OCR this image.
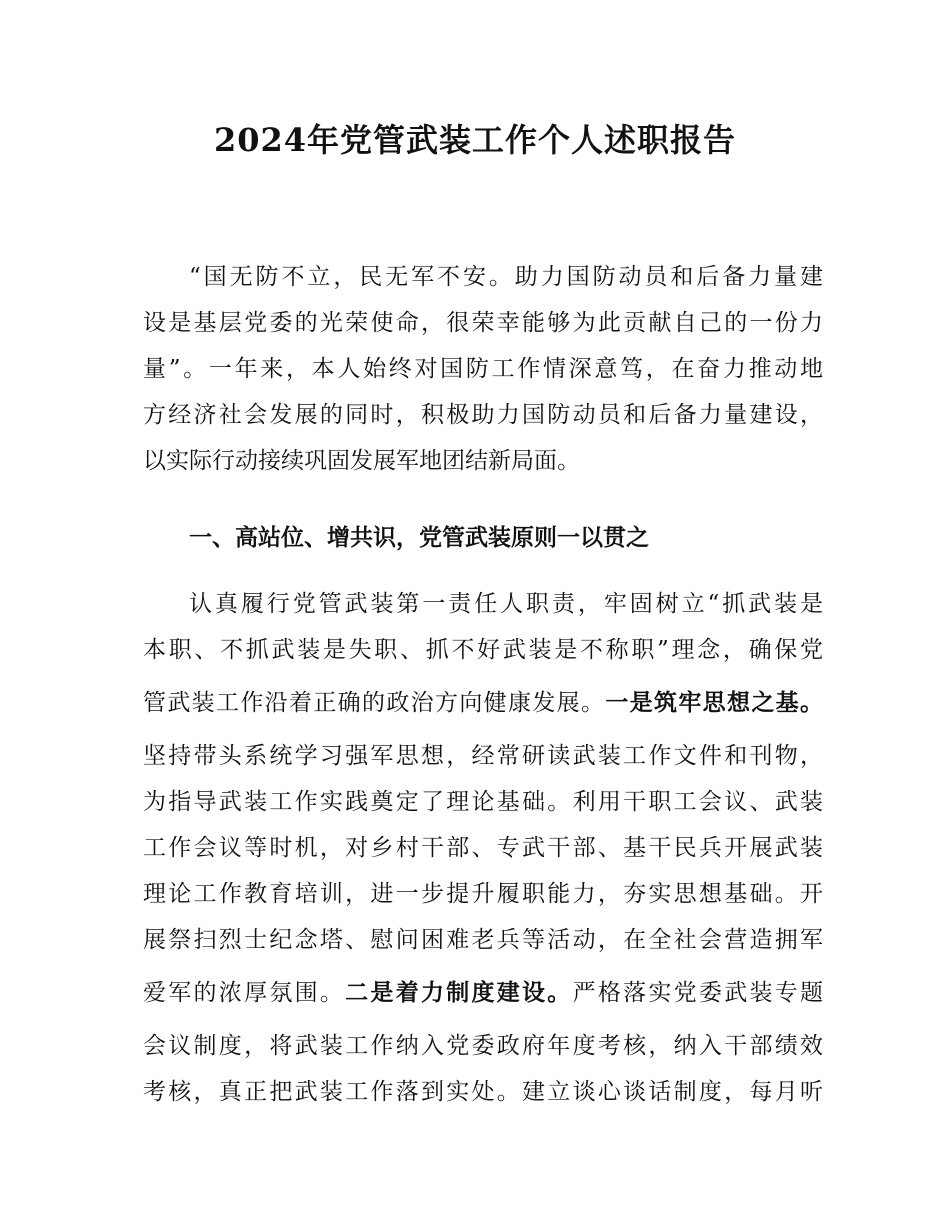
2024年党管武装工作个人述职报告

“国无防不立，民无军不安。助力国防动员和后备力量建

设是基层党委的光荣使命，很荣幸能够为此贡献自己的一份力

量”。一年来，本人始终对国防工作情深意笃，在奋力推动地

方经济社会发展的同时，积极助力国防动员和后备力量建设，

以实际行动接续巩固发展军地团结新局面。

一、高站位、增共识，党管武装原则一以贯之

认真履行党管武装第一责任人职责，牢固树立“抓武装是

本职、不抓武装是失职、抓不好武装是不称职”理念，确保党

管武装工作沿着正确的政治方向健康发展。一是筑牢思想之基。

坚持带头系统学习强军思想，经常研读武装工作文件和刊物，

为指导武装工作实践奠定了理论基础。利用干职工会议、武装

工作会议等时机，对乡村干部、专武干部、基干民兵开展武装

理论工作教育培训，进一步提升履职能力，夯实思想基础。开

展祭扫烈士纪念塔、慰问困难老兵等活动，在全社会营造拥军

爱军的浓厚氛围。二是着力制度建设。严格落实党委武装专题

会议制度，将武装工作纳入党委政府年度考核，纳入干部绩效

考核，真正把武装工作落到实处。建立谈心谈话制度，每月听
